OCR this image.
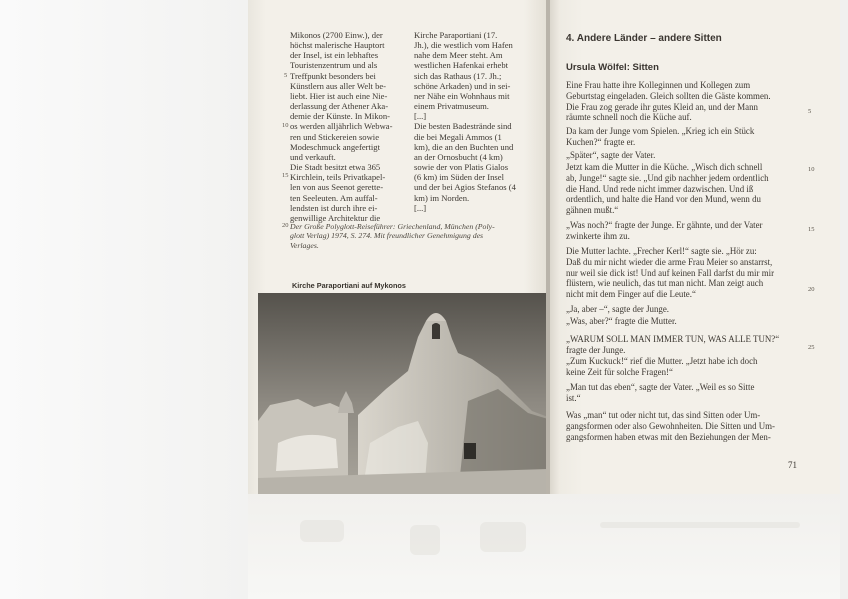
Mikonos (2700 Einw.), der
höchst malerische Hauptort
der Insel, ist ein lebhaftes
Touristenzentrum und als
Treffpunkt besonders bei
Künstlern aus aller Welt be-
liebt. Hier ist auch eine Nie-
derlassung der Athener Aka-
demie der Künste. In Mikon-
os werden alljährlich Webwa-
ren und Stickereien sowie
Modeschmuck angefertigt
und verkauft.
Die Stadt besitzt etwa 365
Kirchlein, teils Privatkapel-
len von aus Seenot gerette-
ten Seeleuten. Am auffal-
lendsten ist durch ihre ei-
genwillige Architektur die
Kirche Paraportiani (17.
Jh.), die westlich vom Hafen
nahe dem Meer steht. Am
westlichen Hafenkai erhebt
sich das Rathaus (17. Jh.;
schöne Arkaden) und in sei-
ner Nähe ein Wohnhaus mit
einem Privatmuseum.
[...]
Die besten Badestrände sind
die bei Megali Ammos (1
km), die an den Buchten und
an der Ornosbucht (4 km)
sowie der von Platis Gialos
(6 km) im Süden der Insel
und der bei Agios Stefanos (4
km) im Norden.
[...]
5
10
15
20 Der Große Polyglott-Reiseführer: Griechenland, München (Poly-
glott Verlag) 1974, S. 274. Mit freundlicher Genehmigung des
Verlages.
Kirche Paraportiani auf Mykonos
4. Andere Länder – andere Sitten
Ursula Wölfel: Sitten
Eine Frau hatte ihre Kolleginnen und Kollegen zum
Geburtstag eingeladen. Gleich sollten die Gäste kommen.
Die Frau zog gerade ihr gutes Kleid an, und der Mann
räumte schnell noch die Küche auf.
Da kam der Junge vom Spielen. „Krieg ich ein Stück
Kuchen?“ fragte er.
„Später“, sagte der Vater.
Jetzt kam die Mutter in die Küche. „Wisch dich schnell
ab, Junge!“ sagte sie. „Und gib nachher jedem ordentlich
die Hand. Und rede nicht immer dazwischen. Und iß
ordentlich, und halte die Hand vor den Mund, wenn du
gähnen mußt.“
„Was noch?“ fragte der Junge. Er gähnte, und der Vater
zwinkerte ihm zu.
Die Mutter lachte. „Frecher Kerl!“ sagte sie. „Hör zu:
Daß du mir nicht wieder die arme Frau Meier so anstarrst,
nur weil sie dick ist! Und auf keinen Fall darfst du mir mir
flüstern, wie neulich, das tut man nicht. Man zeigt auch
nicht mit dem Finger auf die Leute.“
„Ja, aber –“, sagte der Junge.
„Was, aber?“ fragte die Mutter.
„WARUM SOLL MAN IMMER TUN, WAS ALLE TUN?“
fragte der Junge.
„Zum Kuckuck!“ rief die Mutter. „Jetzt habe ich doch
keine Zeit für solche Fragen!“
„Man tut das eben“, sagte der Vater. „Weil es so Sitte
ist.“
Was „man“ tut oder nicht tut, das sind Sitten oder Um-
gangsformen oder also Gewohnheiten. Die Sitten und Um-
gangsformen haben etwas mit den Beziehungen der Men-
5
10
15
20
25
71
